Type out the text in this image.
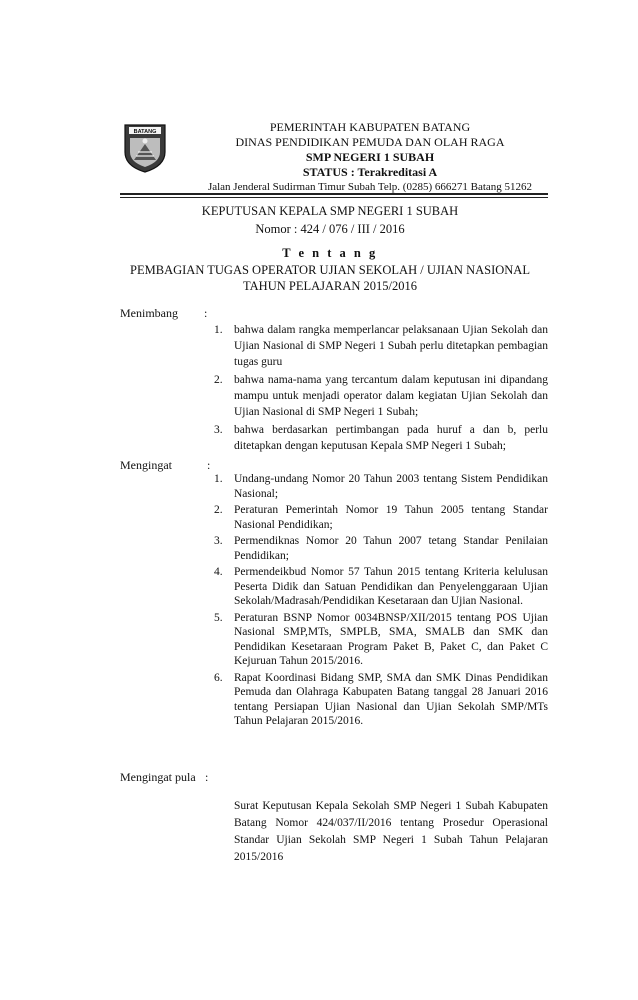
BATANG	PEMERINTAH KABUPATEN BATANG
DINAS PENDIDIKAN PEMUDA DAN OLAH RAGA
SMP NEGERI 1 SUBAH
STATUS : Terakreditasi A
Jalan Jenderal Sudirman Timur Subah Telp. (0285) 666271 Batang 51262
KEPUTUSAN KEPALA SMP NEGERI 1 SUBAH
Nomor : 424 / 076 / III / 2016
T e n t a n g
PEMBAGIAN TUGAS OPERATOR UJIAN SEKOLAH / UJIAN NASIONAL
TAHUN PELAJARAN 2015/2016
Menimbang :
1. bahwa dalam rangka memperlancar pelaksanaan Ujian Sekolah dan Ujian Nasional di SMP Negeri 1 Subah perlu ditetapkan pembagian tugas guru
2. bahwa nama-nama yang tercantum dalam keputusan ini dipandang mampu untuk menjadi operator dalam kegiatan Ujian Sekolah dan Ujian Nasional di SMP Negeri 1 Subah;
3. bahwa berdasarkan pertimbangan pada huruf a dan b, perlu ditetapkan dengan keputusan Kepala SMP Negeri 1 Subah;
Mengingat	:
1. Undang-undang Nomor 20 Tahun 2003 tentang Sistem Pendidikan Nasional;
2. Peraturan Pemerintah Nomor 19 Tahun 2005 tentang Standar Nasional Pendidikan;
3. Permendiknas Nomor 20 Tahun 2007 tetang Standar Penilaian Pendidikan;
4. Permendeikbud Nomor 57 Tahun 2015 tentang Kriteria kelulusan Peserta Didik dan Satuan Pendidikan dan Penyelenggaraan Ujian Sekolah/Madrasah/Pendidikan Kesetaraan dan Ujian Nasional.
5. Peraturan BSNP Nomor 0034BNSP/XII/2015 tentang POS Ujian Nasional SMP,MTs, SMPLB, SMA, SMALB dan SMK dan Pendidikan Kesetaraan Program Paket B, Paket C, dan Paket C Kejuruan Tahun 2015/2016.
6. Rapat Koordinasi Bidang SMP, SMA dan SMK Dinas Pendidikan Pemuda dan Olahraga Kabupaten Batang tanggal 28 Januari 2016 tentang Persiapan Ujian Nasional dan Ujian Sekolah SMP/MTs Tahun Pelajaran 2015/2016.
Mengingat pula :
Surat Keputusan Kepala Sekolah SMP Negeri 1 Subah Kabupaten Batang Nomor 424/037/II/2016 tentang Prosedur Operasional Standar Ujian Sekolah SMP Negeri 1 Subah Tahun Pelajaran 2015/2016
